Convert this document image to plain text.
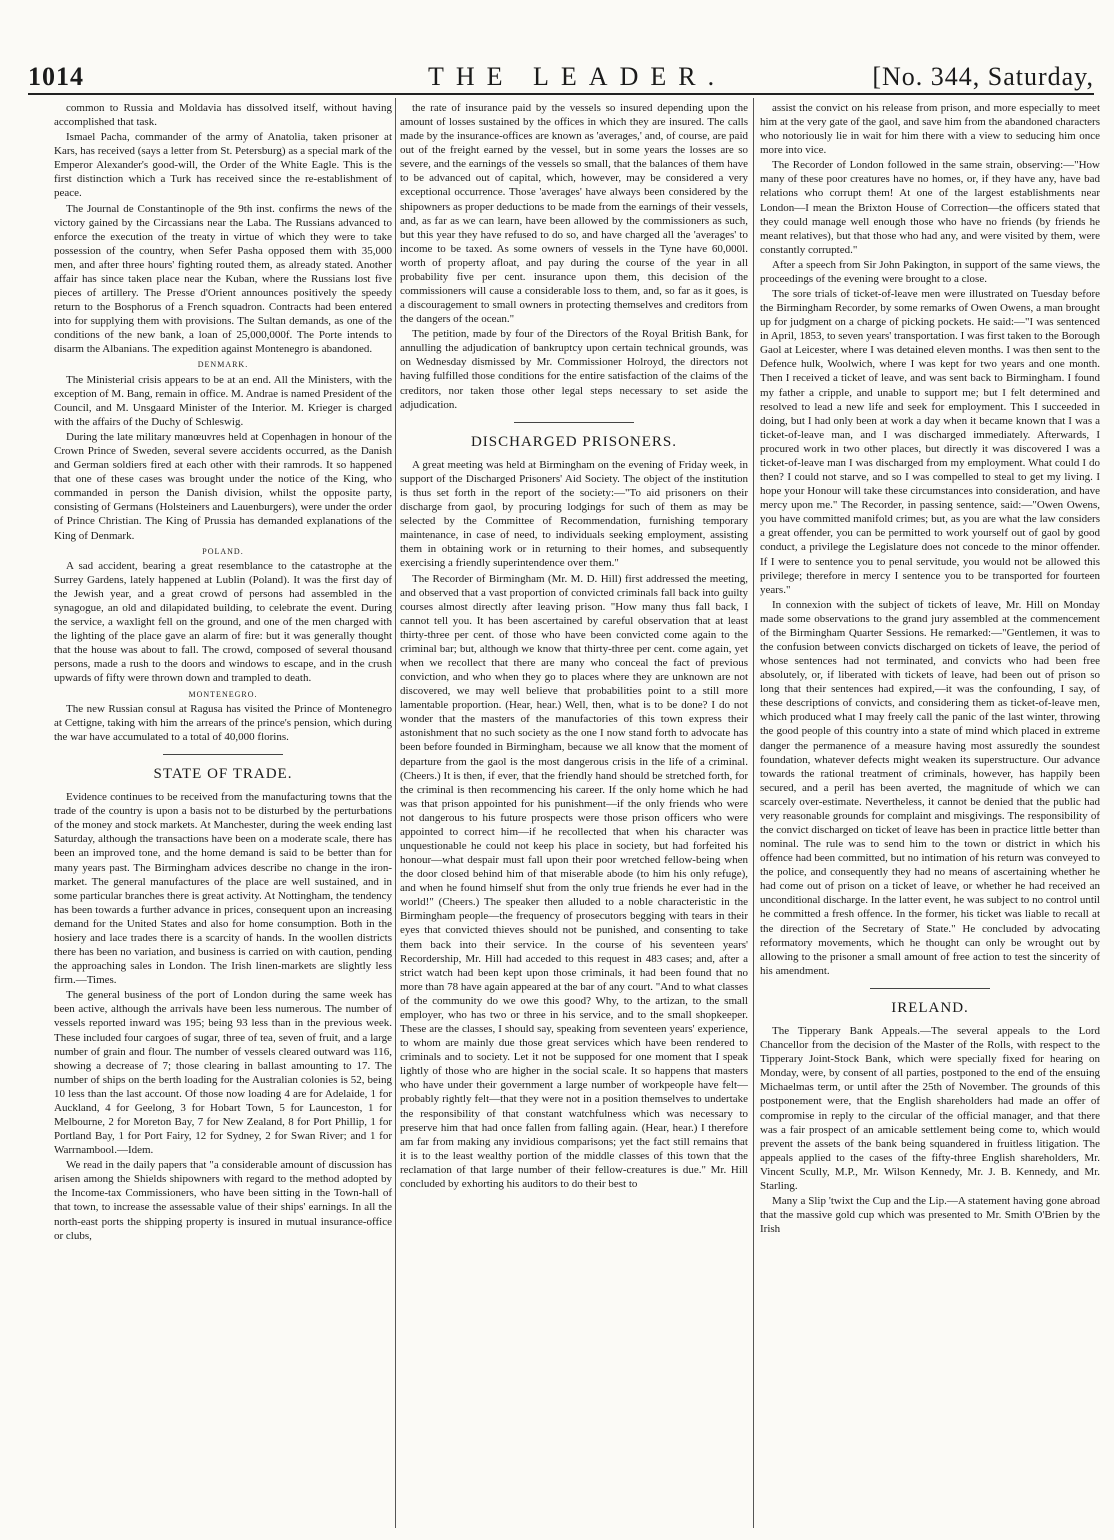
1014	THE LEADER.	[No. 344, Saturday,

common to Russia and Moldavia has dissolved itself, without having accomplished that task.

Ismael Pacha, commander of the army of Anatolia, taken prisoner at Kars, has received (says a letter from St. Petersburg) as a special mark of the Emperor Alexander's good-will, the Order of the White Eagle. This is the first distinction which a Turk has received since the re-establishment of peace.

The Journal de Constantinople of the 9th inst. confirms the news of the victory gained by the Circassians near the Laba. The Russians advanced to enforce the execution of the treaty in virtue of which they were to take possession of the country, when Sefer Pasha opposed them with 35,000 men, and after three hours' fighting routed them, as already stated. Another affair has since taken place near the Kuban, where the Russians lost five pieces of artillery. The Presse d'Orient announces positively the speedy return to the Bosphorus of a French squadron. Contracts had been entered into for supplying them with provisions. The Sultan demands, as one of the conditions of the new bank, a loan of 25,000,000f. The Porte intends to disarm the Albanians. The expedition against Montenegro is abandoned.

DENMARK.

The Ministerial crisis appears to be at an end. All the Ministers, with the exception of M. Bang, remain in office. M. Andrae is named President of the Council, and M. Unsgaard Minister of the Interior. M. Krieger is charged with the affairs of the Duchy of Schleswig.

During the late military manœuvres held at Copenhagen in honour of the Crown Prince of Sweden, several severe accidents occurred, as the Danish and German soldiers fired at each other with their ramrods. It so happened that one of these cases was brought under the notice of the King, who commanded in person the Danish division, whilst the opposite party, consisting of Germans (Holsteiners and Lauenburgers), were under the order of Prince Christian. The King of Prussia has demanded explanations of the King of Denmark.

POLAND.

A sad accident, bearing a great resemblance to the catastrophe at the Surrey Gardens, lately happened at Lublin (Poland). It was the first day of the Jewish year, and a great crowd of persons had assembled in the synagogue, an old and dilapidated building, to celebrate the event. During the service, a waxlight fell on the ground, and one of the men charged with the lighting of the place gave an alarm of fire: but it was generally thought that the house was about to fall. The crowd, composed of several thousand persons, made a rush to the doors and windows to escape, and in the crush upwards of fifty were thrown down and trampled to death.

MONTENEGRO.

The new Russian consul at Ragusa has visited the Prince of Montenegro at Cettigne, taking with him the arrears of the prince's pension, which during the war have accumulated to a total of 40,000 florins.

STATE OF TRADE.

Evidence continues to be received from the manufacturing towns that the trade of the country is upon a basis not to be disturbed by the perturbations of the money and stock markets. At Manchester, during the week ending last Saturday, although the transactions have been on a moderate scale, there has been an improved tone, and the home demand is said to be better than for many years past. The Birmingham advices describe no change in the iron-market. The general manufactures of the place are well sustained, and in some particular branches there is great activity. At Nottingham, the tendency has been towards a further advance in prices, consequent upon an increasing demand for the United States and also for home consumption. Both in the hosiery and lace trades there is a scarcity of hands. In the woollen districts there has been no variation, and business is carried on with caution, pending the approaching sales in London. The Irish linen-markets are slightly less firm.—Times.

The general business of the port of London during the same week has been active, although the arrivals have been less numerous. The number of vessels reported inward was 195; being 93 less than in the previous week. These included four cargoes of sugar, three of tea, seven of fruit, and a large number of grain and flour. The number of vessels cleared outward was 116, showing a decrease of 7; those clearing in ballast amounting to 17. The number of ships on the berth loading for the Australian colonies is 52, being 10 less than the last account. Of those now loading 4 are for Adelaide, 1 for Auckland, 4 for Geelong, 3 for Hobart Town, 5 for Launceston, 1 for Melbourne, 2 for Moreton Bay, 7 for New Zealand, 8 for Port Phillip, 1 for Portland Bay, 1 for Port Fairy, 12 for Sydney, 2 for Swan River; and 1 for Warrnambool.—Idem.

We read in the daily papers that "a considerable amount of discussion has arisen among the Shields shipowners with regard to the method adopted by the Income-tax Commissioners, who have been sitting in the Town-hall of that town, to increase the assessable value of their ships' earnings. In all the north-east ports the shipping property is insured in mutual insurance-office or clubs,

the rate of insurance paid by the vessels so insured depending upon the amount of losses sustained by the offices in which they are insured. The calls made by the insurance-offices are known as 'averages,' and, of course, are paid out of the freight earned by the vessel, but in some years the losses are so severe, and the earnings of the vessels so small, that the balances of them have to be advanced out of capital, which, however, may be considered a very exceptional occurrence. Those 'averages' have always been considered by the shipowners as proper deductions to be made from the earnings of their vessels, and, as far as we can learn, have been allowed by the commissioners as such, but this year they have refused to do so, and have charged all the 'averages' to income to be taxed. As some owners of vessels in the Tyne have 60,000l. worth of property afloat, and pay during the course of the year in all probability five per cent. insurance upon them, this decision of the commissioners will cause a considerable loss to them, and, so far as it goes, is a discouragement to small owners in protecting themselves and creditors from the dangers of the ocean."

The petition, made by four of the Directors of the Royal British Bank, for annulling the adjudication of bankruptcy upon certain technical grounds, was on Wednesday dismissed by Mr. Commissioner Holroyd, the directors not having fulfilled those conditions for the entire satisfaction of the claims of the creditors, nor taken those other legal steps necessary to set aside the adjudication.

DISCHARGED PRISONERS.

A great meeting was held at Birmingham on the evening of Friday week, in support of the Discharged Prisoners' Aid Society. The object of the institution is thus set forth in the report of the society:—"To aid prisoners on their discharge from gaol, by procuring lodgings for such of them as may be selected by the Committee of Recommendation, furnishing temporary maintenance, in case of need, to individuals seeking employment, assisting them in obtaining work or in returning to their homes, and subsequently exercising a friendly superintendence over them."

The Recorder of Birmingham (Mr. M. D. Hill) first addressed the meeting, and observed that a vast proportion of convicted criminals fall back into guilty courses almost directly after leaving prison. "How many thus fall back, I cannot tell you. It has been ascertained by careful observation that at least thirty-three per cent. of those who have been convicted come again to the criminal bar; but, although we know that thirty-three per cent. come again, yet when we recollect that there are many who conceal the fact of previous conviction, and who when they go to places where they are unknown are not discovered, we may well believe that probabilities point to a still more lamentable proportion. (Hear, hear.) Well, then, what is to be done? I do not wonder that the masters of the manufactories of this town express their astonishment that no such society as the one I now stand forth to advocate has been before founded in Birmingham, because we all know that the moment of departure from the gaol is the most dangerous crisis in the life of a criminal. (Cheers.) It is then, if ever, that the friendly hand should be stretched forth, for the criminal is then recommencing his career. If the only home which he had was that prison appointed for his punishment—if the only friends who were not dangerous to his future prospects were those prison officers who were appointed to correct him—if he recollected that when his character was unquestionable he could not keep his place in society, but had forfeited his honour—what despair must fall upon their poor wretched fellow-being when the door closed behind him of that miserable abode (to him his only refuge), and when he found himself shut from the only true friends he ever had in the world!" (Cheers.) The speaker then alluded to a noble characteristic in the Birmingham people—the frequency of prosecutors begging with tears in their eyes that convicted thieves should not be punished, and consenting to take them back into their service. In the course of his seventeen years' Recordership, Mr. Hill had acceded to this request in 483 cases; and, after a strict watch had been kept upon those criminals, it had been found that no more than 78 have again appeared at the bar of any court. "And to what classes of the community do we owe this good? Why, to the artizan, to the small employer, who has two or three in his service, and to the small shopkeeper. These are the classes, I should say, speaking from seventeen years' experience, to whom are mainly due those great services which have been rendered to criminals and to society. Let it not be supposed for one moment that I speak lightly of those who are higher in the social scale. It so happens that masters who have under their government a large number of workpeople have felt—probably rightly felt—that they were not in a position themselves to undertake the responsibility of that constant watchfulness which was necessary to preserve him that had once fallen from falling again. (Hear, hear.) I therefore am far from making any invidious comparisons; yet the fact still remains that it is to the least wealthy portion of the middle classes of this town that the reclamation of that large number of their fellow-creatures is due." Mr. Hill concluded by exhorting his auditors to do their best to

assist the convict on his release from prison, and more especially to meet him at the very gate of the gaol, and save him from the abandoned characters who notoriously lie in wait for him there with a view to seducing him once more into vice.

The Recorder of London followed in the same strain, observing:—"How many of these poor creatures have no homes, or, if they have any, have bad relations who corrupt them! At one of the largest establishments near London—I mean the Brixton House of Correction—the officers stated that they could manage well enough those who have no friends (by friends he meant relatives), but that those who had any, and were visited by them, were constantly corrupted."

After a speech from Sir John Pakington, in support of the same views, the proceedings of the evening were brought to a close.

The sore trials of ticket-of-leave men were illustrated on Tuesday before the Birmingham Recorder, by some remarks of Owen Owens, a man brought up for judgment on a charge of picking pockets. He said:—"I was sentenced in April, 1853, to seven years' transportation. I was first taken to the Borough Gaol at Leicester, where I was detained eleven months. I was then sent to the Defence hulk, Woolwich, where I was kept for two years and one month. Then I received a ticket of leave, and was sent back to Birmingham. I found my father a cripple, and unable to support me; but I felt determined and resolved to lead a new life and seek for employment. This I succeeded in doing, but I had only been at work a day when it became known that I was a ticket-of-leave man, and I was discharged immediately. Afterwards, I procured work in two other places, but directly it was discovered I was a ticket-of-leave man I was discharged from my employment. What could I do then? I could not starve, and so I was compelled to steal to get my living. I hope your Honour will take these circumstances into consideration, and have mercy upon me." The Recorder, in passing sentence, said:—"Owen Owens, you have committed manifold crimes; but, as you are what the law considers a great offender, you can be permitted to work yourself out of gaol by good conduct, a privilege the Legislature does not concede to the minor offender. If I were to sentence you to penal servitude, you would not be allowed this privilege; therefore in mercy I sentence you to be transported for fourteen years."

In connexion with the subject of tickets of leave, Mr. Hill on Monday made some observations to the grand jury assembled at the commencement of the Birmingham Quarter Sessions. He remarked:—"Gentlemen, it was to the confusion between convicts discharged on tickets of leave, the period of whose sentences had not terminated, and convicts who had been free absolutely, or, if liberated with tickets of leave, had been out of prison so long that their sentences had expired,—it was the confounding, I say, of these descriptions of convicts, and considering them as ticket-of-leave men, which produced what I may freely call the panic of the last winter, throwing the good people of this country into a state of mind which placed in extreme danger the permanence of a measure having most assuredly the soundest foundation, whatever defects might weaken its superstructure. Our advance towards the rational treatment of criminals, however, has happily been secured, and a peril has been averted, the magnitude of which we can scarcely over-estimate. Nevertheless, it cannot be denied that the public had very reasonable grounds for complaint and misgivings. The responsibility of the convict discharged on ticket of leave has been in practice little better than nominal. The rule was to send him to the town or district in which his offence had been committed, but no intimation of his return was conveyed to the police, and consequently they had no means of ascertaining whether he had come out of prison on a ticket of leave, or whether he had received an unconditional discharge. In the latter event, he was subject to no control until he committed a fresh offence. In the former, his ticket was liable to recall at the direction of the Secretary of State." He concluded by advocating reformatory movements, which he thought can only be wrought out by allowing to the prisoner a small amount of free action to test the sincerity of his amendment.

IRELAND.

The Tipperary Bank Appeals.—The several appeals to the Lord Chancellor from the decision of the Master of the Rolls, with respect to the Tipperary Joint-Stock Bank, which were specially fixed for hearing on Monday, were, by consent of all parties, postponed to the end of the ensuing Michaelmas term, or until after the 25th of November. The grounds of this postponement were, that the English shareholders had made an offer of compromise in reply to the circular of the official manager, and that there was a fair prospect of an amicable settlement being come to, which would prevent the assets of the bank being squandered in fruitless litigation. The appeals applied to the cases of the fifty-three English shareholders, Mr. Vincent Scully, M.P., Mr. Wilson Kennedy, Mr. J. B. Kennedy, and Mr. Starling.

Many a Slip 'twixt the Cup and the Lip.—A statement having gone abroad that the massive gold cup which was presented to Mr. Smith O'Brien by the Irish
